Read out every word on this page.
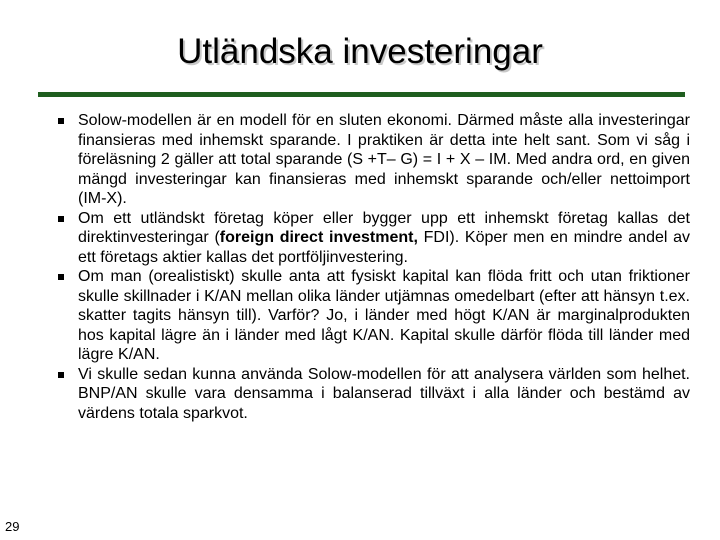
Utländska investeringar
Solow-modellen är en modell för en sluten ekonomi. Därmed måste alla investeringar finansieras med inhemskt sparande. I praktiken är detta inte helt sant. Som vi såg i föreläsning 2 gäller att total sparande (S +T– G) = I + X – IM. Med andra ord, en given mängd investeringar kan finansieras med inhemskt sparande och/eller nettoimport (IM-X).
Om ett utländskt företag köper eller bygger upp ett inhemskt företag kallas det direktinvesteringar (foreign direct investment, FDI). Köper men en mindre andel av ett företags aktier kallas det portföljinvestering.
Om man (orealistiskt) skulle anta att fysiskt kapital kan flöda fritt och utan friktioner skulle skillnader i K/AN mellan olika länder utjämnas omedelbart (efter att hänsyn t.ex. skatter tagits hänsyn till). Varför? Jo, i länder med högt K/AN är marginalprodukten hos kapital lägre än i länder med lågt K/AN. Kapital skulle därför flöda till länder med lägre K/AN.
Vi skulle sedan kunna använda Solow-modellen för att analysera världen som helhet. BNP/AN skulle vara densamma i balanserad tillväxt i alla länder och bestämd av värdens totala sparkvot.
29
